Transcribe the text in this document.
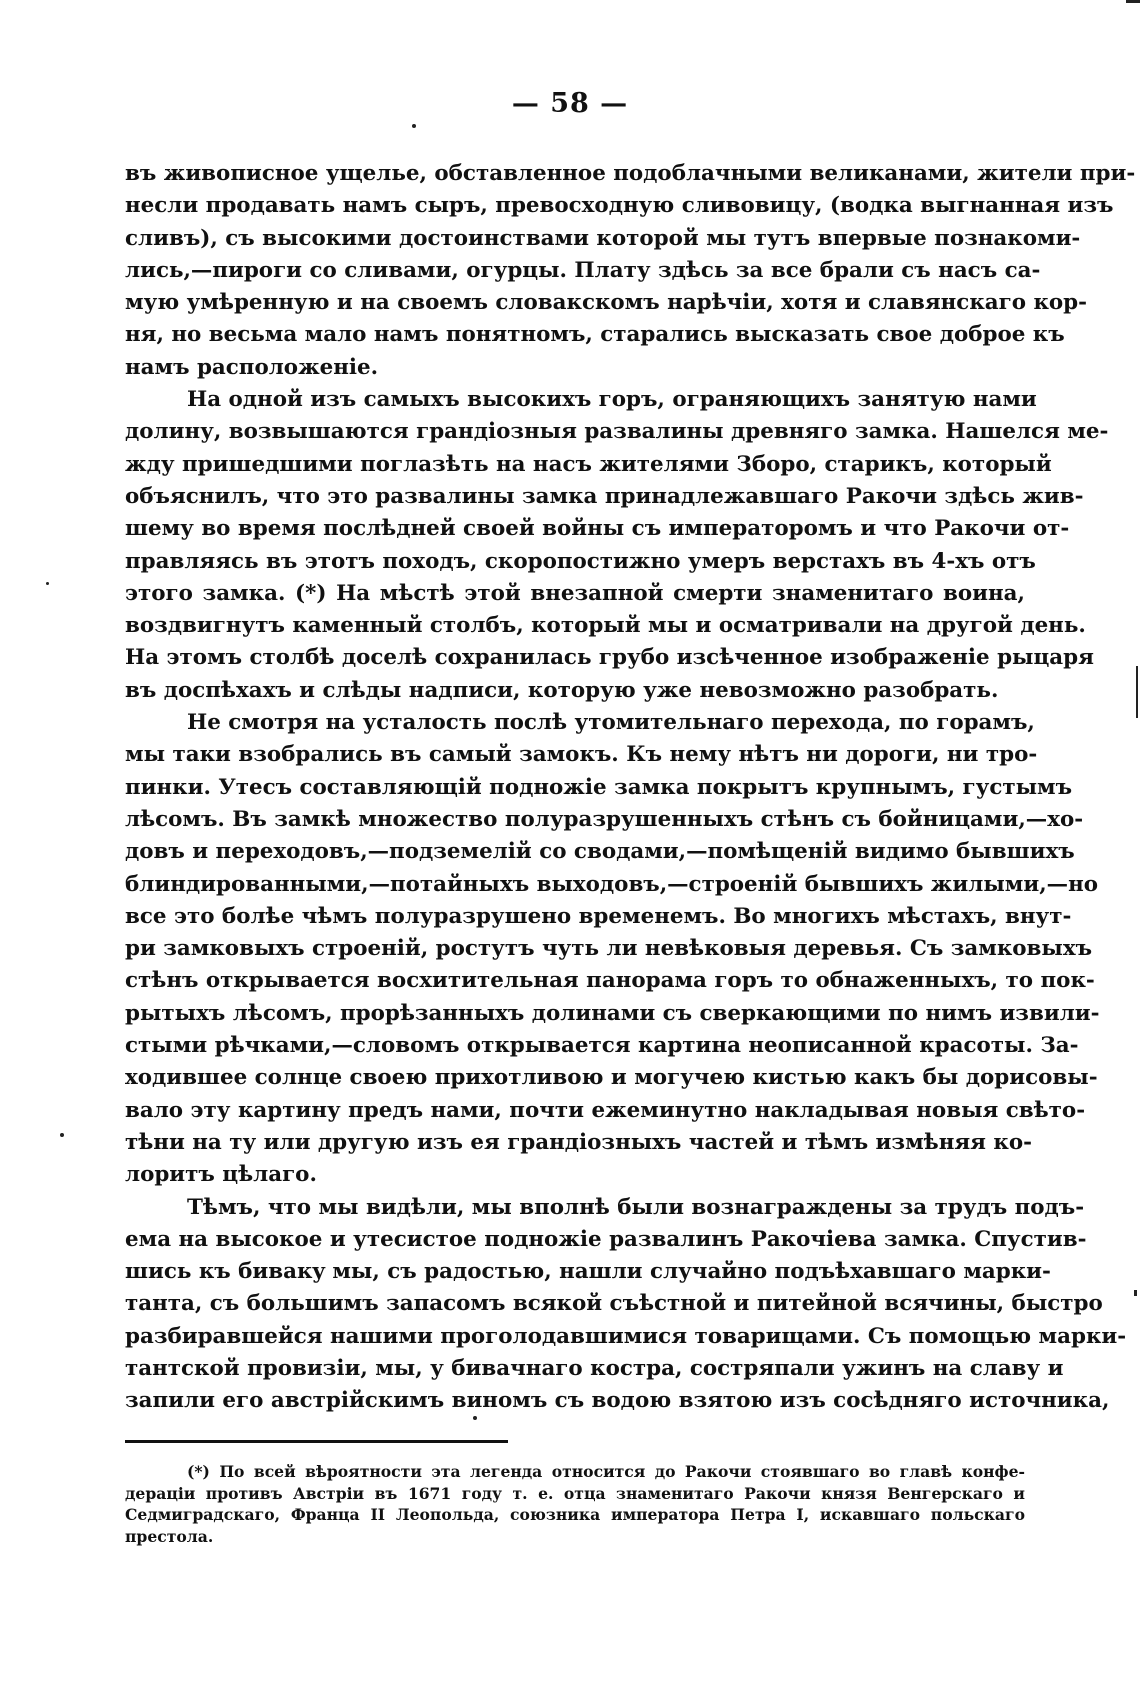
— 58 —
въ живописное ущелье, обставленное подоблачными великанами, жители при-
несли продавать намъ сыръ, превосходную сливовицу, (водка выгнанная изъ
сливъ), съ высокими достоинствами которой мы тутъ впервые познакоми-
лись,—пироги со сливами, огурцы. Плату здѣсь за все брали съ насъ са-
мую умѣренную и на своемъ словакскомъ нарѣчіи, хотя и славянскаго кор-
ня, но весьма мало намъ понятномъ, старались высказать свое доброе къ
намъ расположеніе.
На одной изъ самыхъ высокихъ горъ, ограняющихъ занятую нами
долину, возвышаются грандіозныя развалины древняго замка. Нашелся ме-
жду пришедшими поглазѣть на насъ жителями Зборо, старикъ, который
объяснилъ, что это развалины замка принадлежавшаго Ракочи здѣсь жив-
шему во время послѣдней своей войны съ императоромъ и что Ракочи от-
правляясь въ этотъ походъ, скоропостижно умеръ верстахъ въ 4-хъ отъ
этого замка. (*) На мѣстѣ этой внезапной смерти знаменитаго воина,
воздвигнутъ каменный столбъ, который мы и осматривали на другой день.
На этомъ столбѣ доселѣ сохранилась грубо изсѣченное изображеніе рыцаря
въ доспѣхахъ и слѣды надписи, которую уже невозможно разобрать.
Не смотря на усталость послѣ утомительнаго перехода, по горамъ,
мы таки взобрались въ самый замокъ. Къ нему нѣтъ ни дороги, ни тро-
пинки. Утесъ составляющій подножіе замка покрытъ крупнымъ, густымъ
лѣсомъ. Въ замкѣ множество полуразрушенныхъ стѣнъ съ бойницами,—хо-
довъ и переходовъ,—подземелій со сводами,—помѣщеній видимо бывшихъ
блиндированными,—потайныхъ выходовъ,—строеній бывшихъ жилыми,—но
все это болѣе чѣмъ полуразрушено временемъ. Во многихъ мѣстахъ, внут-
ри замковыхъ строеній, ростутъ чуть ли невѣковыя деревья. Съ замковыхъ
стѣнъ открывается восхитительная панорама горъ то обнаженныхъ, то пок-
рытыхъ лѣсомъ, прорѣзанныхъ долинами съ сверкающими по нимъ извили-
стыми рѣчками,—словомъ открывается картина неописанной красоты. За-
ходившее солнце своею прихотливою и могучею кистью какъ бы дорисовы-
вало эту картину предъ нами, почти ежеминутно накладывая новыя свѣто-
тѣни на ту или другую изъ ея грандіозныхъ частей и тѣмъ измѣняя ко-
лоритъ цѣлаго.
Тѣмъ, что мы видѣли, мы вполнѣ были вознаграждены за трудъ подъ-
ема на высокое и утесистое подножіе развалинъ Ракочіева замка. Спустив-
шись къ бивакy мы, съ радостью, нашли случайно подъѣхавшаго марки-
танта, съ большимъ запасомъ всякой съѣстной и питейной всячины, быстро
разбиравшейся нашими проголодавшимися товарищами. Съ помощью марки-
тантской провизіи, мы, у бивачнаго костра, состряпали ужинъ на славу и
запили его австрійскимъ виномъ съ водою взятою изъ сосѣдняго источника,
(*) По всей вѣроятности эта легенда относится до Ракочи стоявшаго во главѣ конфе-
дераціи противъ Австріи въ 1671 году т. е. отца знаменитаго Ракочи князя Венгерскаго и
Седмиградскаго, Франца II Леопольда, союзника императора Петра I, искавшаго польскаго
престола.
